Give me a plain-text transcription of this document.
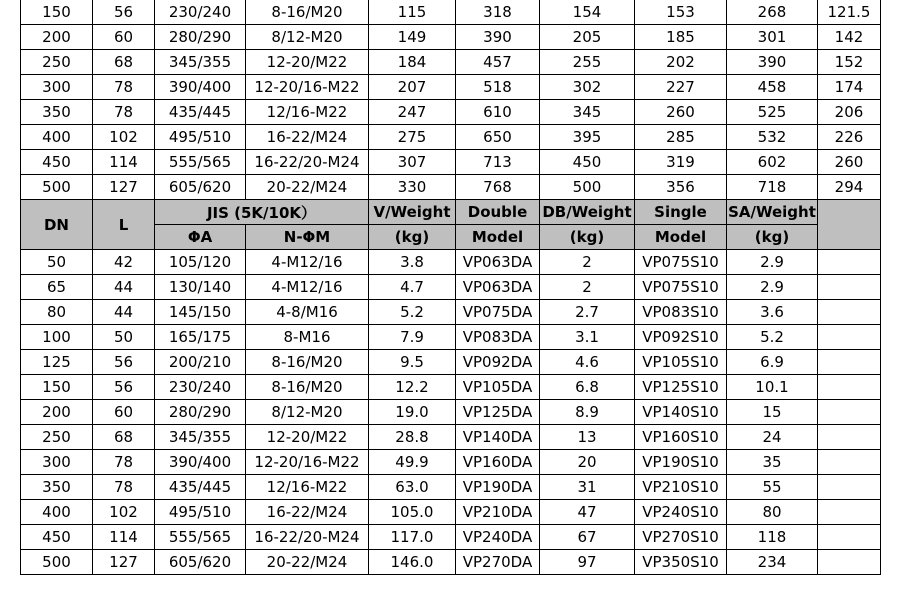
150	56	230/240	8-16/M20	115	318	154	153	268	121.5
200	60	280/290	8/12-M20	149	390	205	185	301	142
250	68	345/355	12-20/M22	184	457	255	202	390	152
300	78	390/400	12-20/16-M22	207	518	302	227	458	174
350	78	435/445	12/16-M22	247	610	345	260	525	206
400	102	495/510	16-22/M24	275	650	395	285	532	226
450	114	555/565	16-22/20-M24	307	713	450	319	602	260
500	127	605/620	20-22/M24	330	768	500	356	718	294
DN	L	JIS (5K/10K）		V/Weight	Double	DB/Weight	Single	SA/Weight	
		ΦA	N-ΦM	(kg)	Model	(kg)	Model	(kg)	
50	42	105/120	4-M12/16	3.8	VP063DA	2	VP075S10	2.9	
65	44	130/140	4-M12/16	4.7	VP063DA	2	VP075S10	2.9	
80	44	145/150	4-8/M16	5.2	VP075DA	2.7	VP083S10	3.6	
100	50	165/175	8-M16	7.9	VP083DA	3.1	VP092S10	5.2	
125	56	200/210	8-16/M20	9.5	VP092DA	4.6	VP105S10	6.9	
150	56	230/240	8-16/M20	12.2	VP105DA	6.8	VP125S10	10.1	
200	60	280/290	8/12-M20	19.0	VP125DA	8.9	VP140S10	15	
250	68	345/355	12-20/M22	28.8	VP140DA	13	VP160S10	24	
300	78	390/400	12-20/16-M22	49.9	VP160DA	20	VP190S10	35	
350	78	435/445	12/16-M22	63.0	VP190DA	31	VP210S10	55	
400	102	495/510	16-22/M24	105.0	VP210DA	47	VP240S10	80	
450	114	555/565	16-22/20-M24	117.0	VP240DA	67	VP270S10	118	
500	127	605/620	20-22/M24	146.0	VP270DA	97	VP350S10	234	
